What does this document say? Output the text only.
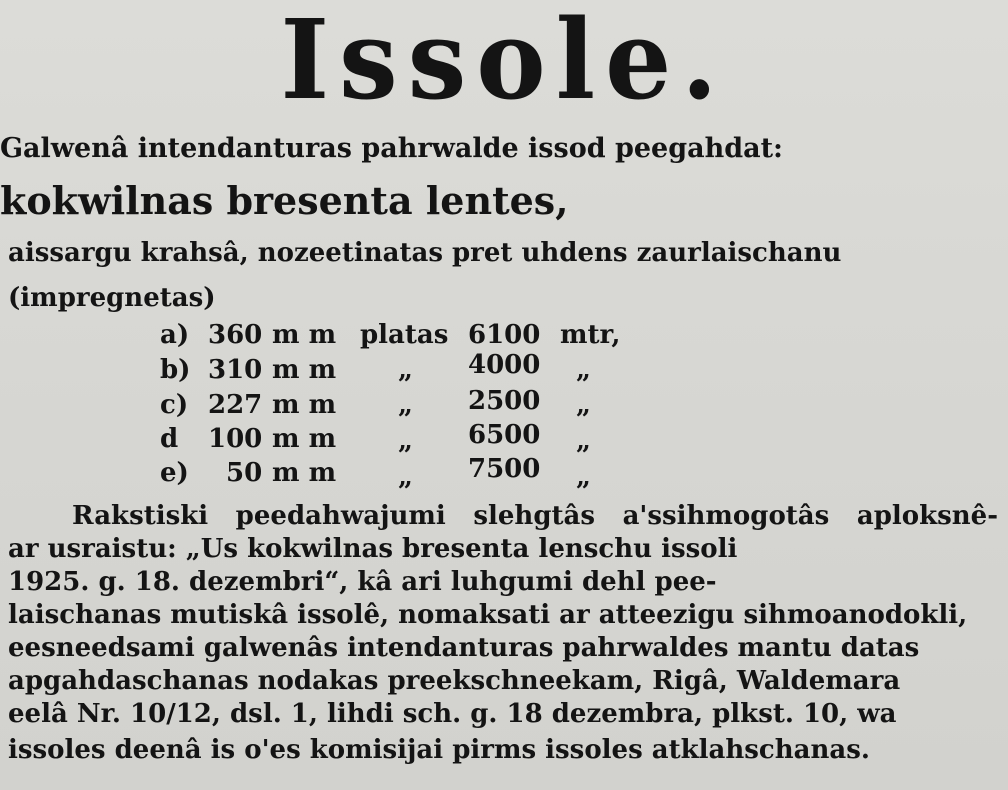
Issole.
Galwenâ intendanturas pahrwalde issod peegahdat:
kokwilnas bresenta lentes,
aissargu krahsâ, nozeetinatas pret uhdens zaurlaischanu
(impregnetas)
a) 360 m m platas 6100 mtr,
b) 310 m m „ 4000 „
c) 227 m m „ 2500 „
d 100 m m „ 6500 „
e) 50 m m „ 7500 „
Rakstiski peedahwajumi slehgtâs a'ssihmogotâs aploksnê-
ar usraistu: „Us kokwilnas bresenta lenschu issoli
1925. g. 18. dezembri“, kâ ari luhgumi dehl pee-
laischanas mutiskâ issolê, nomaksati ar atteezigu sihmoanodokli,
eesneedsami galwenâs intendanturas pahrwaldes mantu datas
apgahdaschanas nodakas preekschneekam, Rigâ, Waldemara
eelâ Nr. 10/12, dsl. 1, lihdi sch. g. 18 dezembra, plkst. 10, wa
issoles deenâ is o'es komisijai pirms issoles atklahschanas.
